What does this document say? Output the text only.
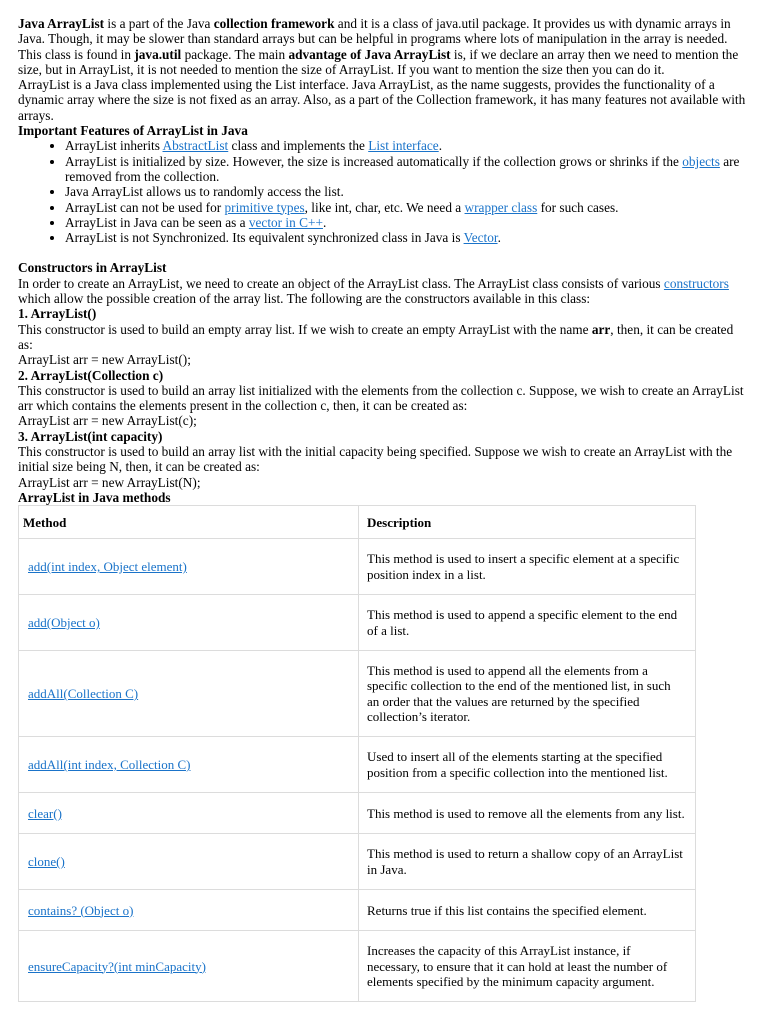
Java ArrayList is a part of the Java collection framework and it is a class of java.util package. It provides us with dynamic arrays in Java. Though, it may be slower than standard arrays but can be helpful in programs where lots of manipulation in the array is needed. This class is found in java.util package. The main advantage of Java ArrayList is, if we declare an array then we need to mention the size, but in ArrayList, it is not needed to mention the size of ArrayList. If you want to mention the size then you can do it.

ArrayList is a Java class implemented using the List interface. Java ArrayList, as the name suggests, provides the functionality of a dynamic array where the size is not fixed as an array. Also, as a part of the Collection framework, it has many features not available with arrays.

Important Features of ArrayList in Java

• ArrayList inherits AbstractList class and implements the List interface.
• ArrayList is initialized by size. However, the size is increased automatically if the collection grows or shrinks if the objects are removed from the collection.
• Java ArrayList allows us to randomly access the list.
• ArrayList can not be used for primitive types, like int, char, etc. We need a wrapper class for such cases.
• ArrayList in Java can be seen as a vector in C++.
• ArrayList is not Synchronized. Its equivalent synchronized class in Java is Vector.

Constructors in ArrayList

In order to create an ArrayList, we need to create an object of the ArrayList class. The ArrayList class consists of various constructors which allow the possible creation of the array list. The following are the constructors available in this class:

1. ArrayList()

This constructor is used to build an empty array list. If we wish to create an empty ArrayList with the name arr, then, it can be created as:

ArrayList arr = new ArrayList();

2. ArrayList(Collection c)

This constructor is used to build an array list initialized with the elements from the collection c. Suppose, we wish to create an ArrayList arr which contains the elements present in the collection c, then, it can be created as:

ArrayList arr = new ArrayList(c);

3. ArrayList(int capacity)

This constructor is used to build an array list with the initial capacity being specified. Suppose we wish to create an ArrayList with the initial size being N, then, it can be created as:

ArrayList arr = new ArrayList(N);

ArrayList in Java methods

Method	Description
add(int index, Object element)	This method is used to insert a specific element at a specific position index in a list.
add(Object o)	This method is used to append a specific element to the end of a list.
addAll(Collection C)	This method is used to append all the elements from a specific collection to the end of the mentioned list, in such an order that the values are returned by the specified collection’s iterator.
addAll(int index, Collection C)	Used to insert all of the elements starting at the specified position from a specific collection into the mentioned list.
clear()	This method is used to remove all the elements from any list.
clone()	This method is used to return a shallow copy of an ArrayList in Java.
contains? (Object o)	Returns true if this list contains the specified element.
ensureCapacity?(int minCapacity)	Increases the capacity of this ArrayList instance, if necessary, to ensure that it can hold at least the number of elements specified by the minimum capacity argument.
